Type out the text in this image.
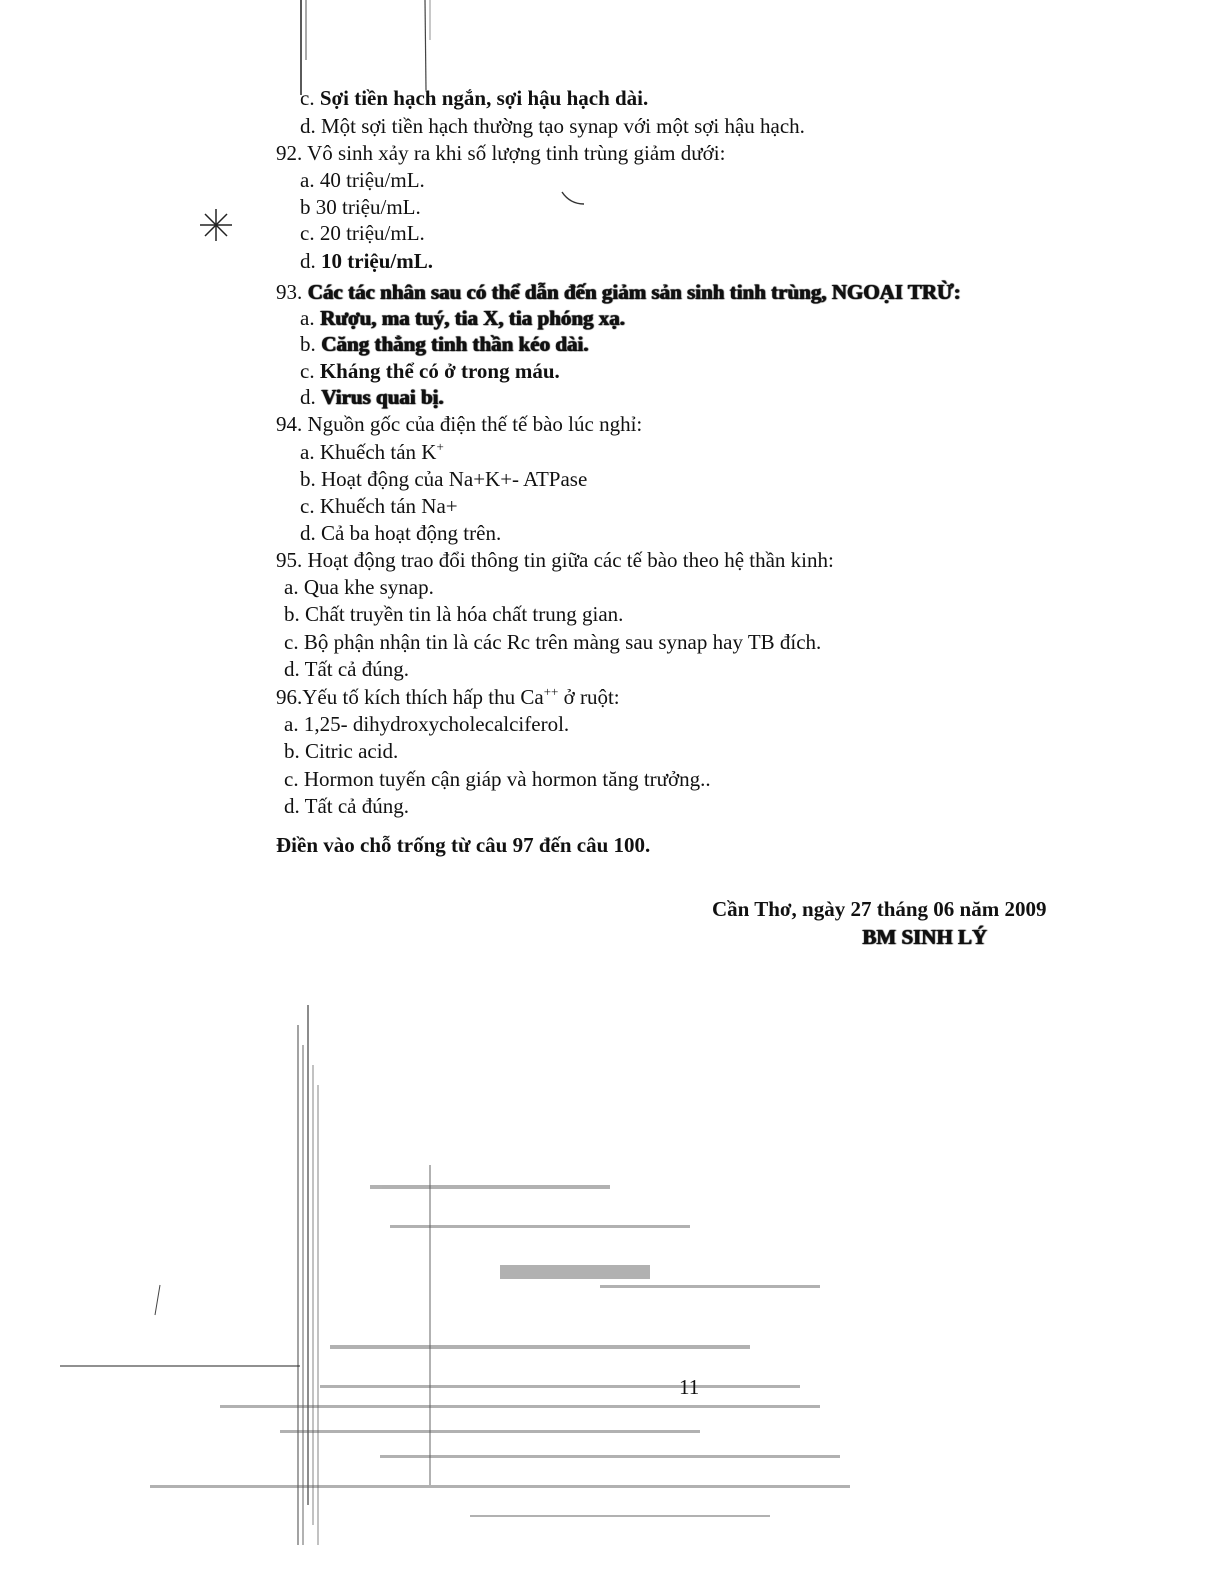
c. Sợi tiền hạch ngắn, sợi hậu hạch dài.
d. Một sợi tiền hạch thường tạo synap với một sợi hậu hạch.
92. Vô sinh xảy ra khi số lượng tinh trùng giảm dưới:
a. 40 triệu/mL.
b 30 triệu/mL.
c. 20 triệu/mL.
d. 10 triệu/mL.
93. Các tác nhân sau có thể dẫn đến giảm sản sinh tinh trùng, NGOẠI TRỪ:
a. Rượu, ma tuý, tia X, tia phóng xạ.
b. Căng thẳng tinh thần kéo dài.
c. Kháng thể có ở trong máu.
d. Virus quai bị.
94. Nguồn gốc của điện thế tế bào lúc nghỉ:
a. Khuếch tán K+
b. Hoạt động của Na+K+- ATPase
c. Khuếch tán Na+
d. Cả ba hoạt động trên.
95. Hoạt động trao đổi thông tin giữa các tế bào theo hệ thần kinh:
a. Qua khe synap.
b. Chất truyền tin là hóa chất trung gian.
c. Bộ phận nhận tin là các Rc trên màng sau synap hay TB đích.
d. Tất cả đúng.
96.Yếu tố kích thích hấp thu Ca++ ở ruột:
a. 1,25- dihydroxycholecalciferol.
b. Citric acid.
c. Hormon tuyến cận giáp và hormon tăng trưởng..
d. Tất cả đúng.
Điền vào chỗ trống từ câu 97 đến câu 100.
Cần Thơ, ngày 27 tháng 06 năm 2009
BM SINH LÝ
11
